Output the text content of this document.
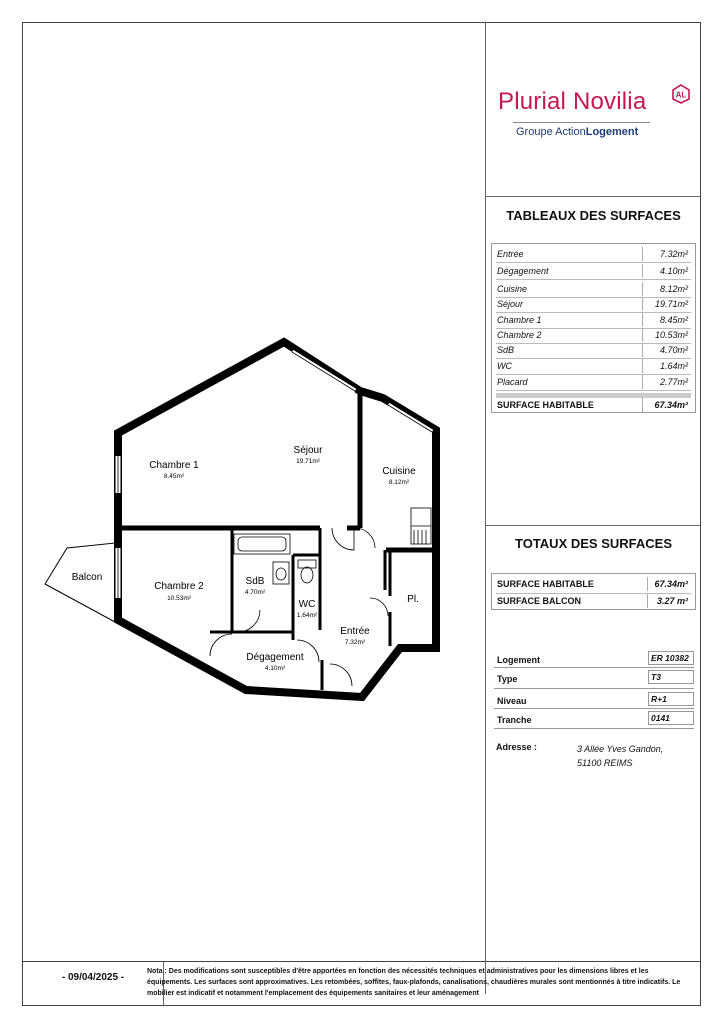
Plurial Novilia	AL
Groupe ActionLogement
TABLEAUX DES SURFACES
Entrée	7.32m²
Dégagement	4.10m²
Cuisine	8.12m²
Séjour	19.71m²
Chambre 1	8.45m²
Chambre 2	10.53m²
SdB	4.70m²
WC	1.64m²
Placard	2.77m²
SURFACE HABITABLE	67.34m²
TOTAUX DES SURFACES
SURFACE HABITABLE	67.34m²
SURFACE BALCON	3.27 m²
Logement	ER 10382
Type	T3
Niveau	R+1
Tranche	0141
Adresse :	3 Allée Yves Gandon,
51100 REIMS
Séjour
19.71m²
Chambre 1
8.45m²	Cuisine
8.12m²
Chambre 2
10.53m²
SdB
4.70m²
WC
1.64m²
Entrée
7.32m²
Dégagement
4.10m²
Pl.
Balcon
- 09/04/2025 -
Nota : Des modifications sont susceptibles d'être apportées en fonction des nécessités techniques et administratives pour les dimensions libres et les équipements. Les surfaces sont approximatives. Les retombées, soffites, faux-plafonds, canalisations, chaudières murales sont mentionnés à titre indicatifs. Le mobilier est indicatif et notamment l'emplacement des équipements sanitaires et leur aménagement
